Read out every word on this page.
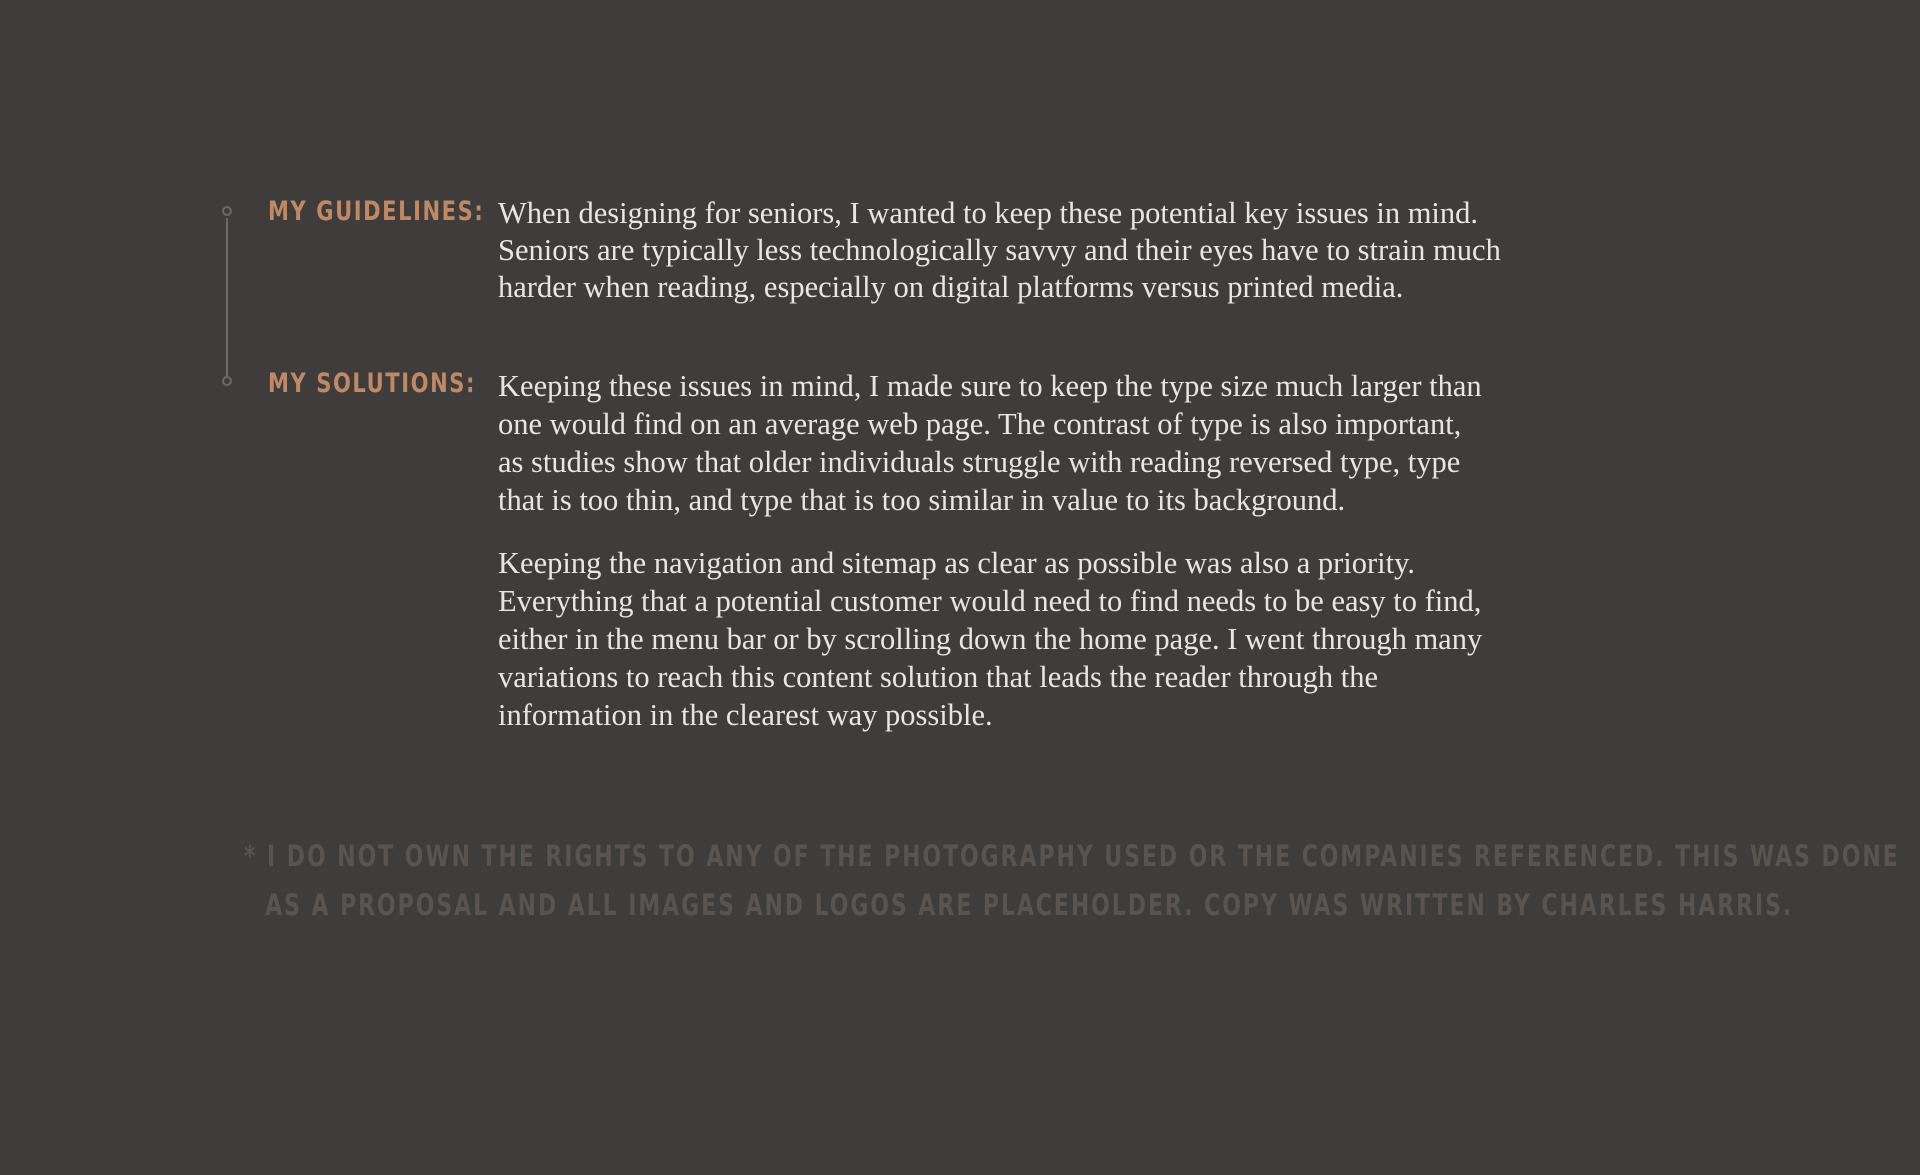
MY GUIDELINES: When designing for seniors, I wanted to keep these potential key issues in mind.
Seniors are typically less technologically savvy and their eyes have to strain much
harder when reading, especially on digital platforms versus printed media.
MY SOLUTIONS: Keeping these issues in mind, I made sure to keep the type size much larger than
one would find on an average web page. The contrast of type is also important,
as studies show that older individuals struggle with reading reversed type, type
that is too thin, and type that is too similar in value to its background.
Keeping the navigation and sitemap as clear as possible was also a priority.
Everything that a potential customer would need to find needs to be easy to find,
either in the menu bar or by scrolling down the home page. I went through many
variations to reach this content solution that leads the reader through the
information in the clearest way possible.
* I DO NOT OWN THE RIGHTS TO ANY OF THE PHOTOGRAPHY USED OR THE COMPANIES REFERENCED. THIS WAS DONE
AS A PROPOSAL AND ALL IMAGES AND LOGOS ARE PLACEHOLDER. COPY WAS WRITTEN BY CHARLES HARRIS.
